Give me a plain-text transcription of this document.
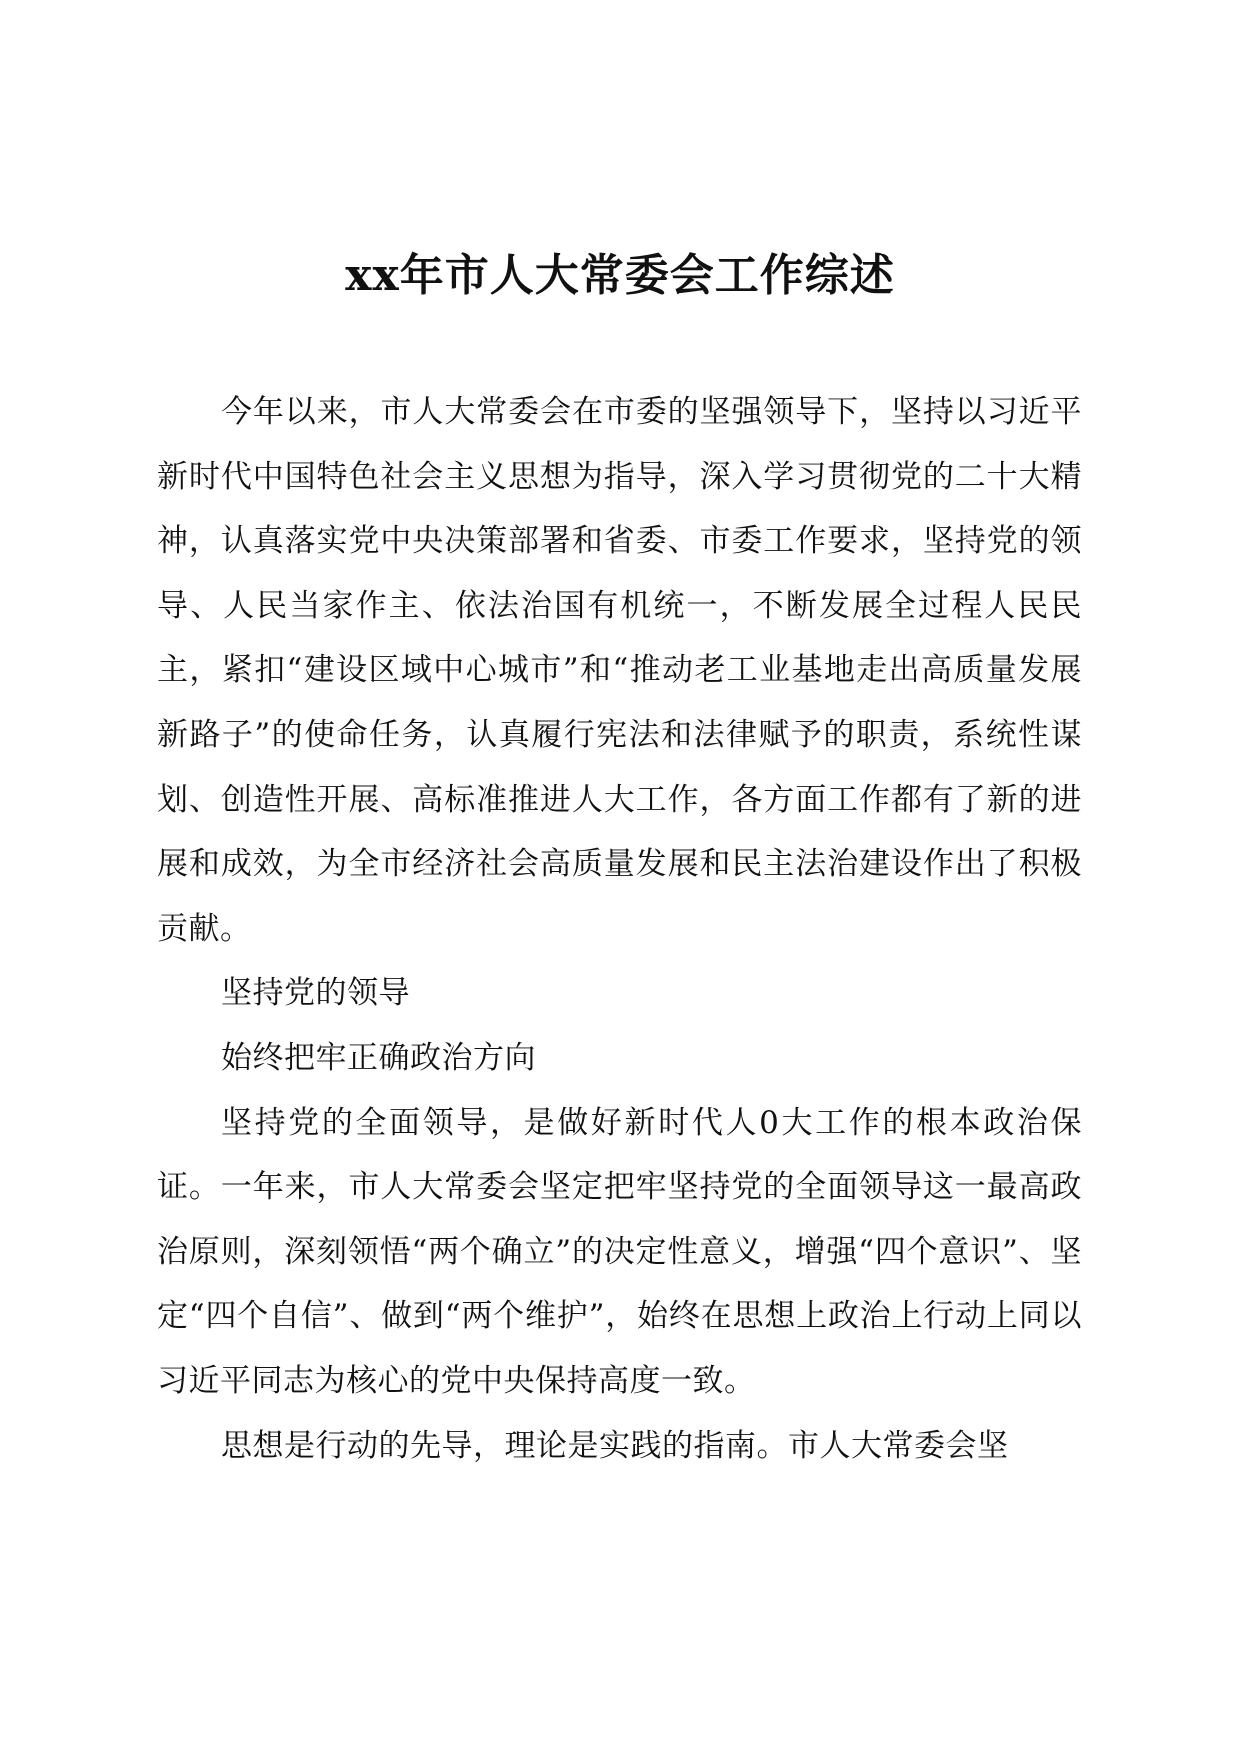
xx年市人大常委会工作综述

今年以来，市人大常委会在市委的坚强领导下，坚持以习近平新时代中国特色社会主义思想为指导，深入学习贯彻党的二十大精神，认真落实党中央决策部署和省委、市委工作要求，坚持党的领导、人民当家作主、依法治国有机统一，不断发展全过程人民民主，紧扣“建设区域中心城市”和“推动老工业基地走出高质量发展新路子”的使命任务，认真履行宪法和法律赋予的职责，系统性谋划、创造性开展、高标准推进人大工作，各方面工作都有了新的进展和成效，为全市经济社会高质量发展和民主法治建设作出了积极贡献。

坚持党的领导

始终把牢正确政治方向

坚持党的全面领导，是做好新时代人0大工作的根本政治保证。一年来，市人大常委会坚定把牢坚持党的全面领导这一最高政治原则，深刻领悟“两个确立”的决定性意义，增强“四个意识”、坚定“四个自信”、做到“两个维护”，始终在思想上政治上行动上同以习近平同志为核心的党中央保持高度一致。

思想是行动的先导，理论是实践的指南。市人大常委会坚
